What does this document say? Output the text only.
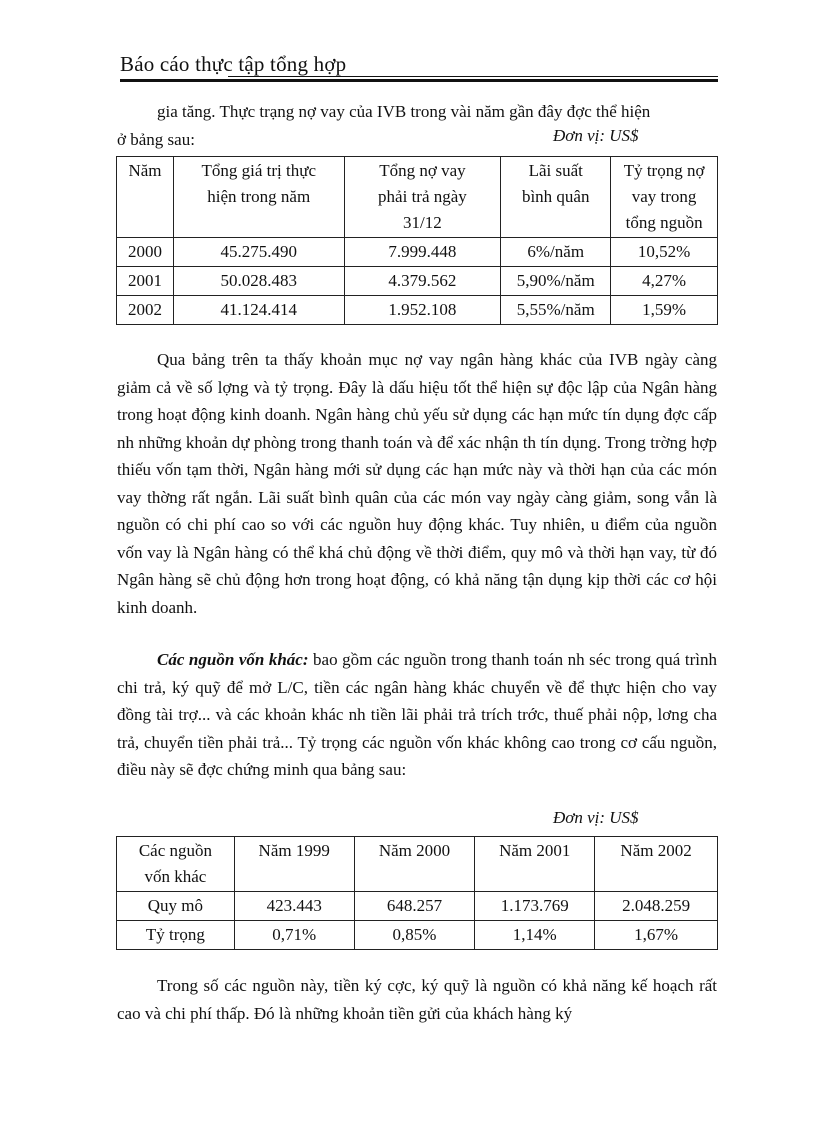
Báo cáo thực tập tổng hợp
gia tăng. Thực trạng nợ vay của IVB trong vài năm gần đây đợc thể hiện
ở bảng sau:	Đơn vị: US$
Năm	Tổng giá trị thực hiện trong năm	Tổng nợ vay phải trả ngày 31/12	Lãi suất bình quân	Tỷ trọng nợ vay trong tổng nguồn
2000	45.275.490	7.999.448	6%/năm	10,52%
2001	50.028.483	4.379.562	5,90%/năm	4,27%
2002	41.124.414	1.952.108	5,55%/năm	1,59%
Qua bảng trên ta thấy khoản mục nợ vay ngân hàng khác của IVB ngày càng giảm cả về số lợng và tỷ trọng. Đây là dấu hiệu tốt thể hiện sự độc lập của Ngân hàng trong hoạt động kinh doanh. Ngân hàng chủ yếu sử dụng các hạn mức tín dụng đợc cấp nh những khoản dự phòng trong thanh toán và để xác nhận th tín dụng. Trong trờng hợp thiếu vốn tạm thời, Ngân hàng mới sử dụng các hạn mức này và thời hạn của các món vay thờng rất ngắn. Lãi suất bình quân của các món vay ngày càng giảm, song vẫn là nguồn có chi phí cao so với các nguồn huy động khác. Tuy nhiên, u điểm của nguồn vốn vay là Ngân hàng có thể khá chủ động về thời điểm, quy mô và thời hạn vay, từ đó Ngân hàng sẽ chủ động hơn trong hoạt động, có khả năng tận dụng kịp thời các cơ hội kinh doanh.
Các nguồn vốn khác: bao gồm các nguồn trong thanh toán nh séc trong quá trình chi trả, ký quỹ để mở L/C, tiền các ngân hàng khác chuyển về để thực hiện cho vay đồng tài trợ... và các khoản khác nh tiền lãi phải trả trích trớc, thuế phải nộp, lơng cha trả, chuyển tiền phải trả... Tỷ trọng các nguồn vốn khác không cao trong cơ cấu nguồn, điều này sẽ đợc chứng minh qua bảng sau:
Đơn vị: US$
Các nguồn vốn khác	Năm 1999	Năm 2000	Năm 2001	Năm 2002
Quy mô	423.443	648.257	1.173.769	2.048.259
Tỷ trọng	0,71%	0,85%	1,14%	1,67%
Trong số các nguồn này, tiền ký cợc, ký quỹ là nguồn có khả năng kế hoạch rất cao và chi phí thấp. Đó là những khoản tiền gửi của khách hàng ký
